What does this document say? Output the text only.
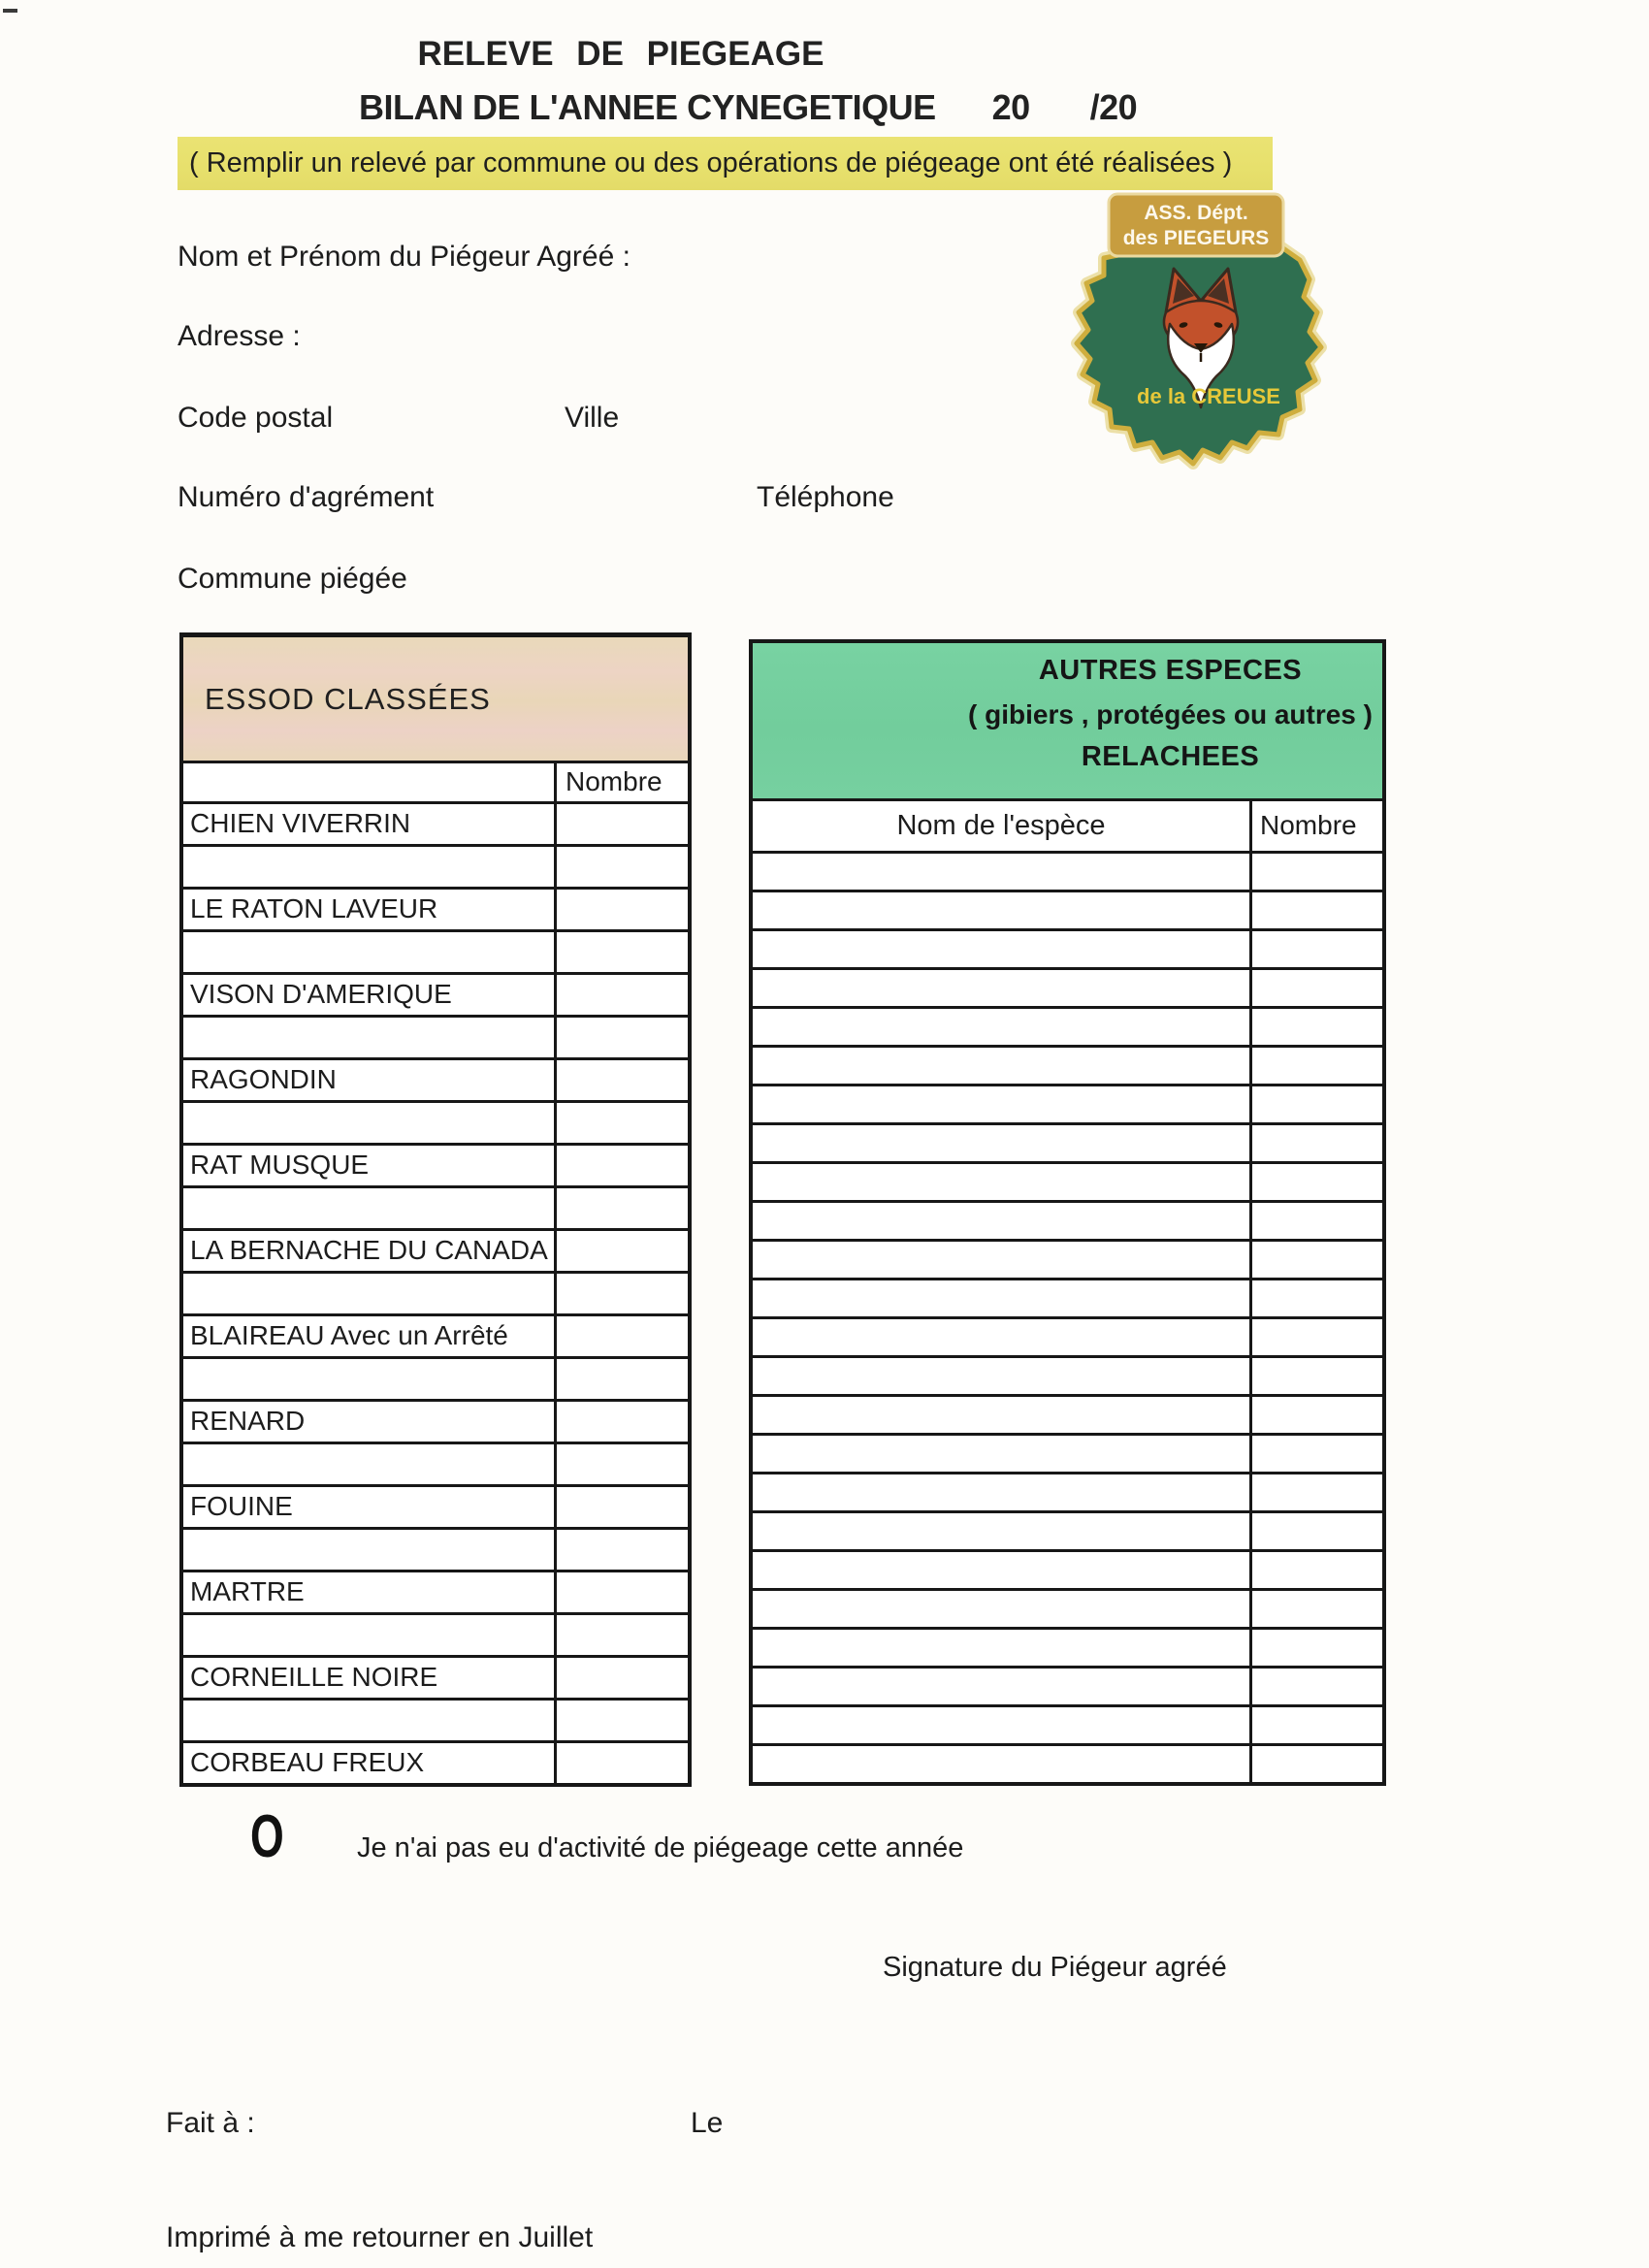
RELEVE DE PIEGEAGE
BILAN DE L'ANNEE CYNEGETIQUE 20 /20
( Remplir un relevé par commune ou des opérations de piégeage ont été réalisées )
Nom et Prénom du Piégeur Agréé :
Adresse :
Code postal	Ville
Numéro d'agrément	Téléphone
Commune piégée
de la CREUSE
ASS. Dépt.
des PIEGEURS
ESSOD CLASSÉES
Nombre
CHIEN VIVERRIN
LE RATON LAVEUR
VISON D'AMERIQUE
RAGONDIN
RAT MUSQUE
LA BERNACHE DU CANADA
BLAIREAU Avec un Arrêté
RENARD
FOUINE
MARTRE
CORNEILLE NOIRE
CORBEAU FREUX
AUTRES ESPECES
( gibiers , protégées ou autres )
RELACHEES
Nom de l'espèce	Nombre
O	Je n'ai pas eu d'activité de piégeage cette année
Signature du Piégeur agréé
Fait à :	Le
Imprimé à me retourner en Juillet
